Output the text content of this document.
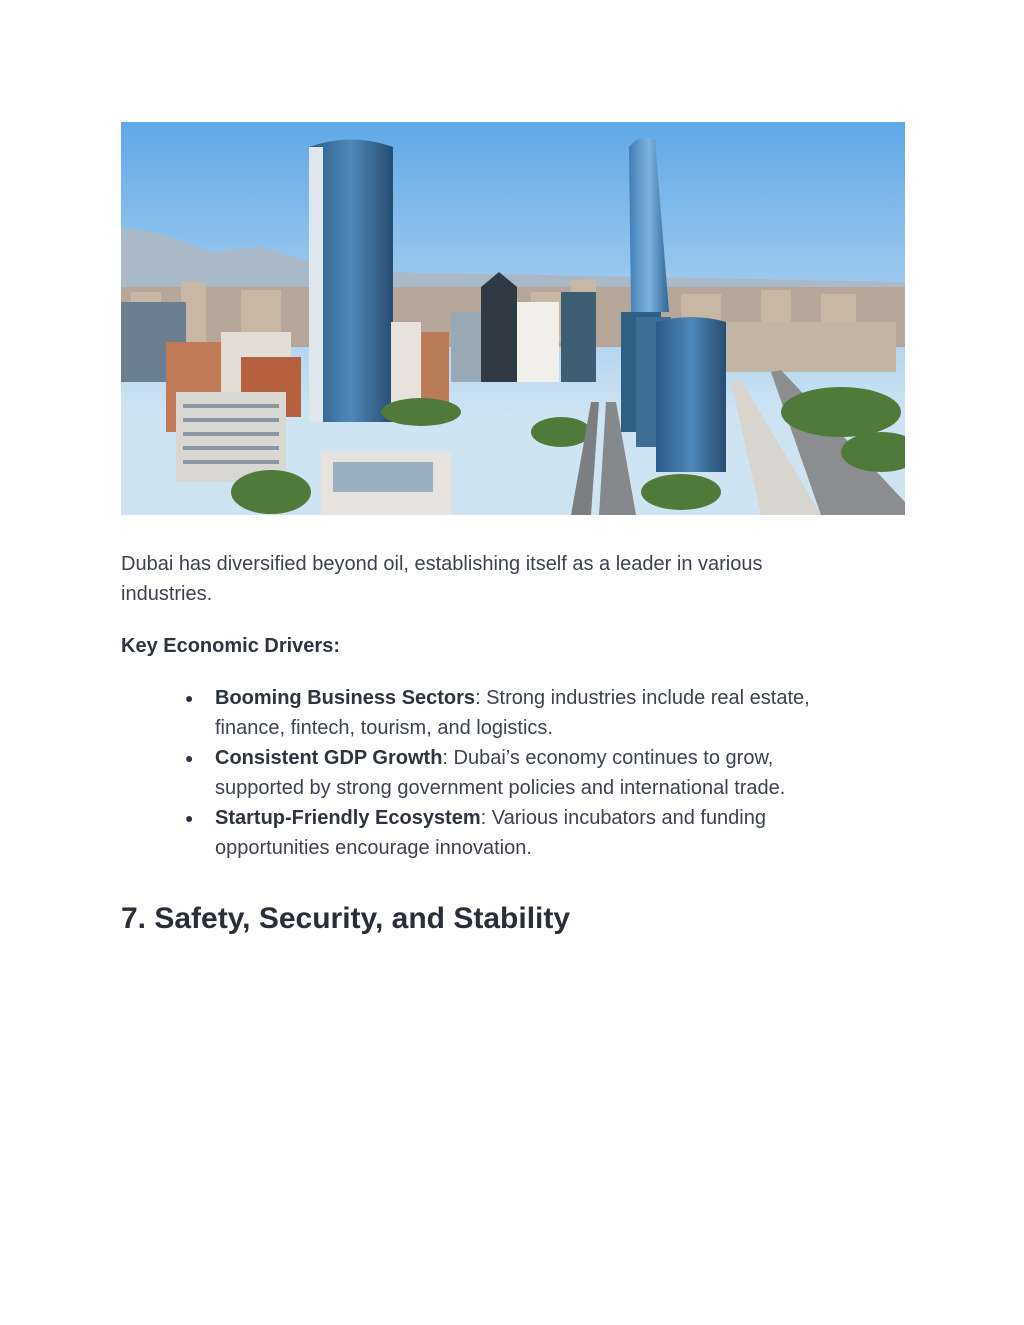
Dubai has diversified beyond oil, establishing itself as a leader in various industries.

Key Economic Drivers:

● Booming Business Sectors: Strong industries include real estate, finance, fintech, tourism, and logistics.
● Consistent GDP Growth: Dubai’s economy continues to grow, supported by strong government policies and international trade.
● Startup-Friendly Ecosystem: Various incubators and funding opportunities encourage innovation.
7. Safety, Security, and Stability
